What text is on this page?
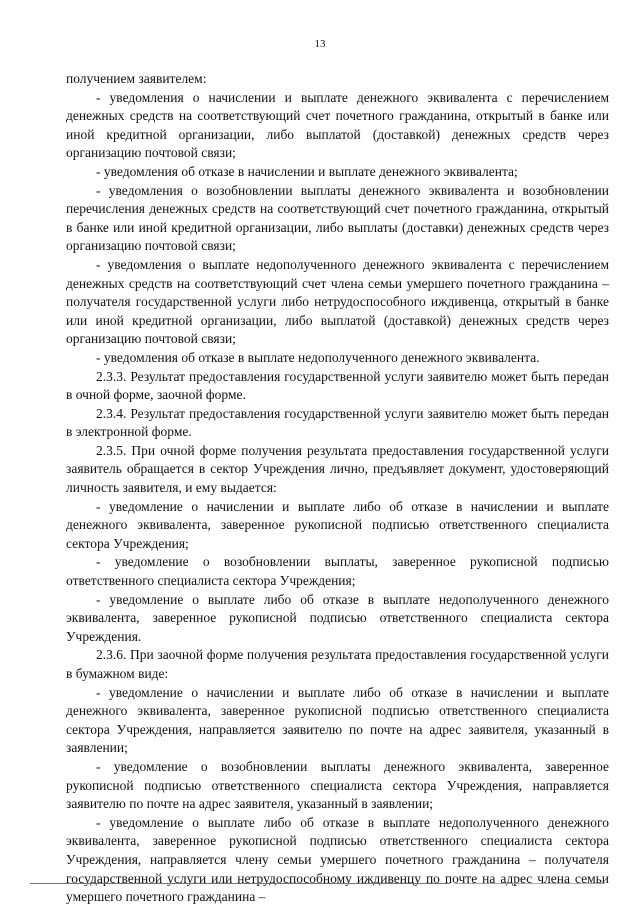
13

получением заявителем:

- уведомления о начислении и выплате денежного эквивалента с перечислением денежных средств на соответствующий счет почетного гражданина, открытый в банке или иной кредитной организации, либо выплатой (доставкой) денежных средств через организацию почтовой связи;

- уведомления об отказе в начислении и выплате денежного эквивалента;

- уведомления о возобновлении выплаты денежного эквивалента и возобновлении перечисления денежных средств на соответствующий счет почетного гражданина, открытый в банке или иной кредитной организации, либо выплаты (доставки) денежных средств через организацию почтовой связи;

- уведомления о выплате недополученного денежного эквивалента с перечислением денежных средств на соответствующий счет члена семьи умершего почетного гражданина – получателя государственной услуги либо нетрудоспособного иждивенца, открытый в банке или иной кредитной организации, либо выплатой (доставкой) денежных средств через организацию почтовой связи;

- уведомления об отказе в выплате недополученного денежного эквивалента.

2.3.3. Результат предоставления государственной услуги заявителю может быть передан в очной форме, заочной форме.

2.3.4. Результат предоставления государственной услуги заявителю может быть передан в электронной форме.

2.3.5. При очной форме получения результата предоставления государственной услуги заявитель обращается в сектор Учреждения лично, предъявляет документ, удостоверяющий личность заявителя, и ему выдается:

- уведомление о начислении и выплате либо об отказе в начислении и выплате денежного эквивалента, заверенное рукописной подписью ответственного специалиста сектора Учреждения;

- уведомление о возобновлении выплаты, заверенное рукописной подписью ответственного специалиста сектора Учреждения;

- уведомление о выплате либо об отказе в выплате недополученного денежного эквивалента, заверенное рукописной подписью ответственного специалиста сектора Учреждения.

2.3.6. При заочной форме получения результата предоставления государственной услуги в бумажном виде:

- уведомление о начислении и выплате либо об отказе в начислении и выплате денежного эквивалента, заверенное рукописной подписью ответственного специалиста сектора Учреждения, направляется заявителю по почте на адрес заявителя, указанный в заявлении;

- уведомление о возобновлении выплаты денежного эквивалента, заверенное рукописной подписью ответственного специалиста сектора Учреждения, направляется заявителю по почте на адрес заявителя, указанный в заявлении;

- уведомление о выплате либо об отказе в выплате недополученного денежного эквивалента, заверенное рукописной подписью ответственного специалиста сектора Учреждения, направляется члену семьи умершего почетного гражданина – получателя государственной услуги или нетрудоспособному иждивенцу по почте на адрес члена семьи умершего почетного гражданина –
